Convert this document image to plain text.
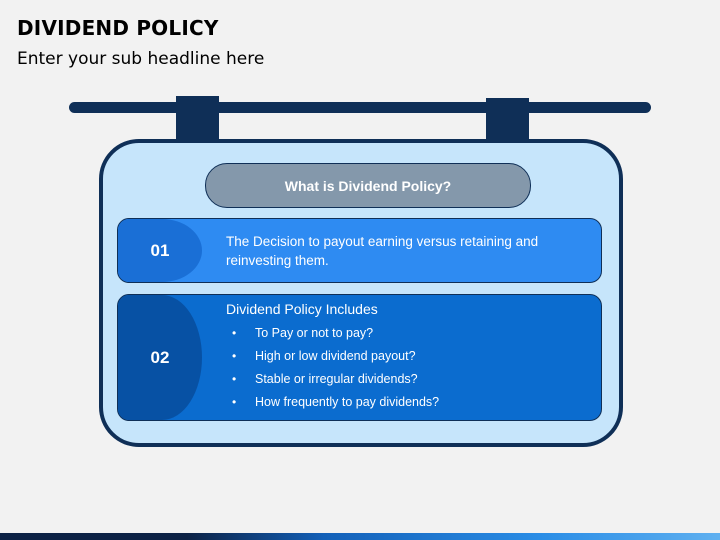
DIVIDEND POLICY
Enter your sub headline here
What is Dividend Policy?
01	The Decision to payout earning versus retaining and reinvesting them.
02
Dividend Policy Includes
• To Pay or not to pay?
• High or low dividend payout?
• Stable or irregular dividends?
• How frequently to pay dividends?
